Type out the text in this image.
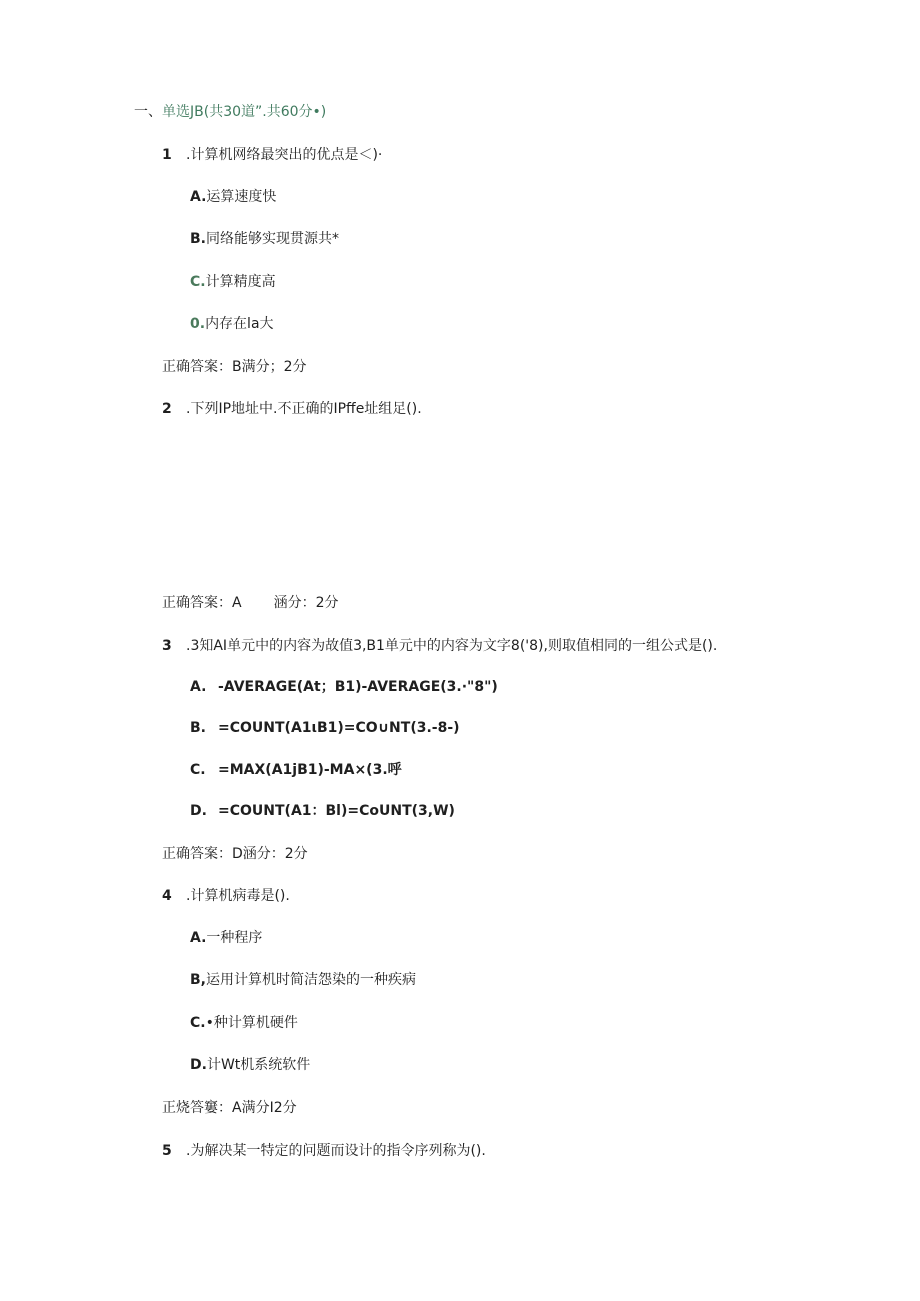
一、单选JB(共30道”.共60分•)
1 .计算机网络最突出的优点是＜)·
A.运算速度快
B.同络能够实现贯源共*
C.计算精度高
0.内存在la大
正确答案：B满分；2分
2 .下列IP地址中.不正确的IPffe址组足().
正确答案：A 涵分：2分
3 .3知AI单元中的内容为故值3,B1单元中的内容为文字8('8),则取值相同的一组公式是().
A. -AVERAGE(At；B1)-AVERAGE(3.·"8")
B. =COUNT(A1ιB1)=CO∪NT(3.-8-)
C. =MAX(A1jB1)-MA×(3.呼
D. =COUNT(A1：Bl)=CoUNT(3,W)
正确答案：D涵分：2分
4 .计算机病毒是().
A.一种程序
B,运用计算机时简洁怨染的一种疾病
C.•种计算机硬件
D.计Wt机系统软件
正烧答窶：A满分I2分
5 .为解决某一特定的问题而设计的指令序列称为().
